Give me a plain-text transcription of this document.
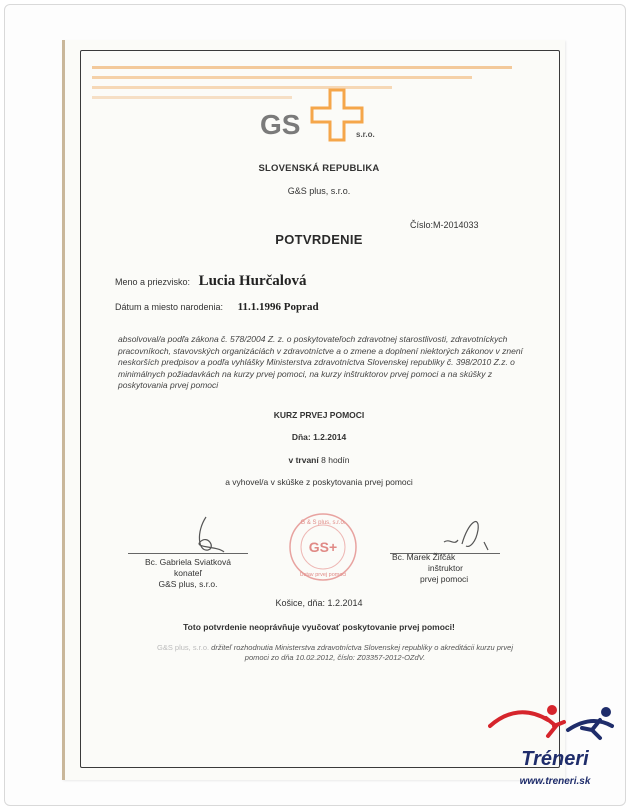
GS	s.r.o.
SLOVENSKÁ REPUBLIKA
G&S plus, s.r.o.
Číslo:M-2014033
POTVRDENIE
Meno a priezvisko: Lucia Hurčalová
Dátum a miesto narodenia: 11.1.1996 Poprad
absolvoval/a podľa zákona č. 578/2004 Z. z. o poskytovateľoch zdravotnej starostlivosti, zdravotníckych pracovníkoch, stavovských organizáciách v zdravotníctve a o zmene a doplnení niektorých zákonov v znení neskorších predpisov a podľa vyhlášky Ministerstva zdravotníctva Slovenskej republiky č. 398/2010 Z.z. o minimálnych požiadavkách na kurzy prvej pomoci, na kurzy inštruktorov prvej pomoci a na skúšky z poskytovania prvej pomoci
KURZ PRVEJ POMOCI
Dňa: 1.2.2014
v trvaní 8 hodín
a vyhovel/a v skúške z poskytovania prvej pomoci
Bc. Gabriela Sviatková
konateľ
G&S plus, s.r.o.
Bc. Marek Žifčák
inštruktor
prvej pomoci
G & S plus, s.r.o.
GS+
Ústav prvej pomoci
Košice, dňa: 1.2.2014
Toto potvrdenie neoprávňuje vyučovať poskytovanie prvej pomoci!
G&S plus, s.r.o. držiteľ rozhodnutia Ministerstva zdravotníctva Slovenskej republiky o akreditácii kurzu prvej pomoci zo dňa 10.02.2012, číslo: Z03357-2012-OZdV.
Tréneri
www.treneri.sk
